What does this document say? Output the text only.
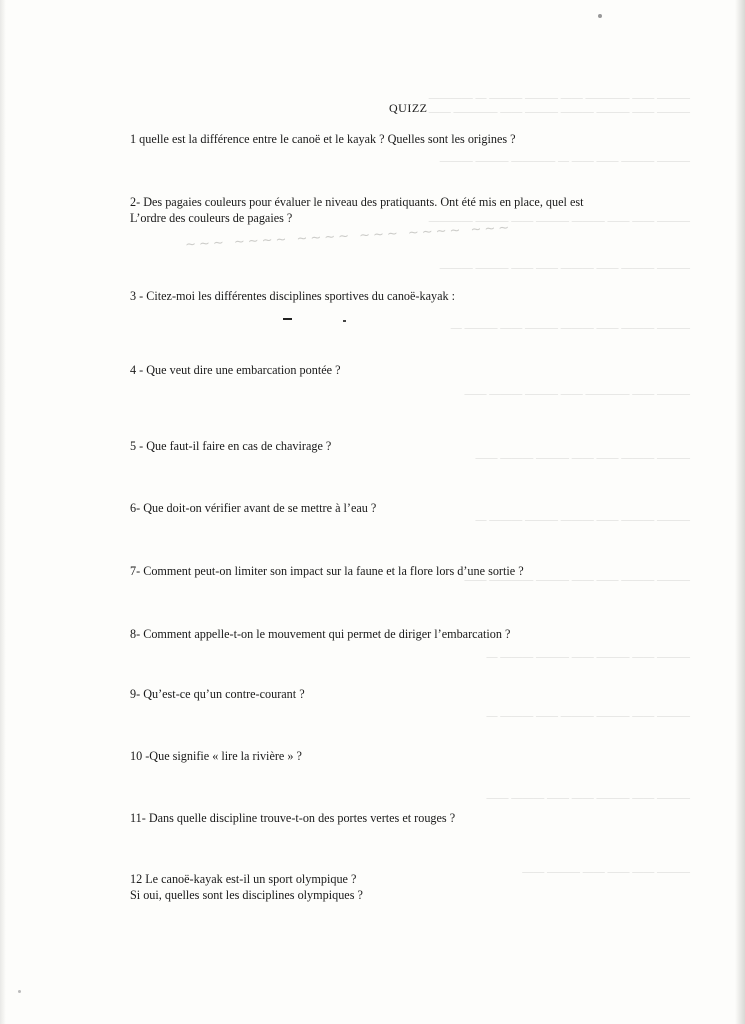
——— —— ———— —— ——— ——— — ————
——— —— ——— ——— ——— —— ———— ——
——— ——— —— —— — ———— ——— ———
——— —— —— ——— ——— —— ——— ————
——— ——— —— ——— —— —— ——— ———
——— ——— —— ——— ——— —— ——— —
——— —— ———— —— ——— ——— ——
——— ——— —— —— ——— ——— ——
——— ——— —— ——— ——— ——— —
——— ——— —— —— ——— ———— ——
——— —— ——— —— ——— ——— —
——— —— ——— ——— —— ——— —
——— —— ——— —— —— ——— ——
——— —— —— —— ——— ——
~~~ ~~~~ ~~~~ ~~~ ~~~~ ~~~
QUIZZ
1 quelle est la différence entre le canoë et le kayak ? Quelles sont les origines ?
2- Des pagaies couleurs pour évaluer le niveau des pratiquants. Ont été mis en place, quel est
L’ordre des couleurs de pagaies ?
3 - Citez-moi les différentes disciplines sportives du canoë-kayak :
4 - Que veut dire une embarcation pontée ?
5 - Que faut-il faire en cas de chavirage ?
6- Que doit-on vérifier avant de se mettre à l’eau ?
7- Comment peut-on limiter son impact sur la faune et la flore lors d’une sortie ?
8- Comment appelle-t-on le mouvement qui permet de diriger l’embarcation ?
9- Qu’est-ce qu’un contre-courant ?
10 -Que signifie « lire la rivière » ?
11- Dans quelle discipline trouve-t-on des portes vertes et rouges ?
12 Le canoë-kayak est-il un sport olympique ?
Si oui, quelles sont les disciplines olympiques ?
